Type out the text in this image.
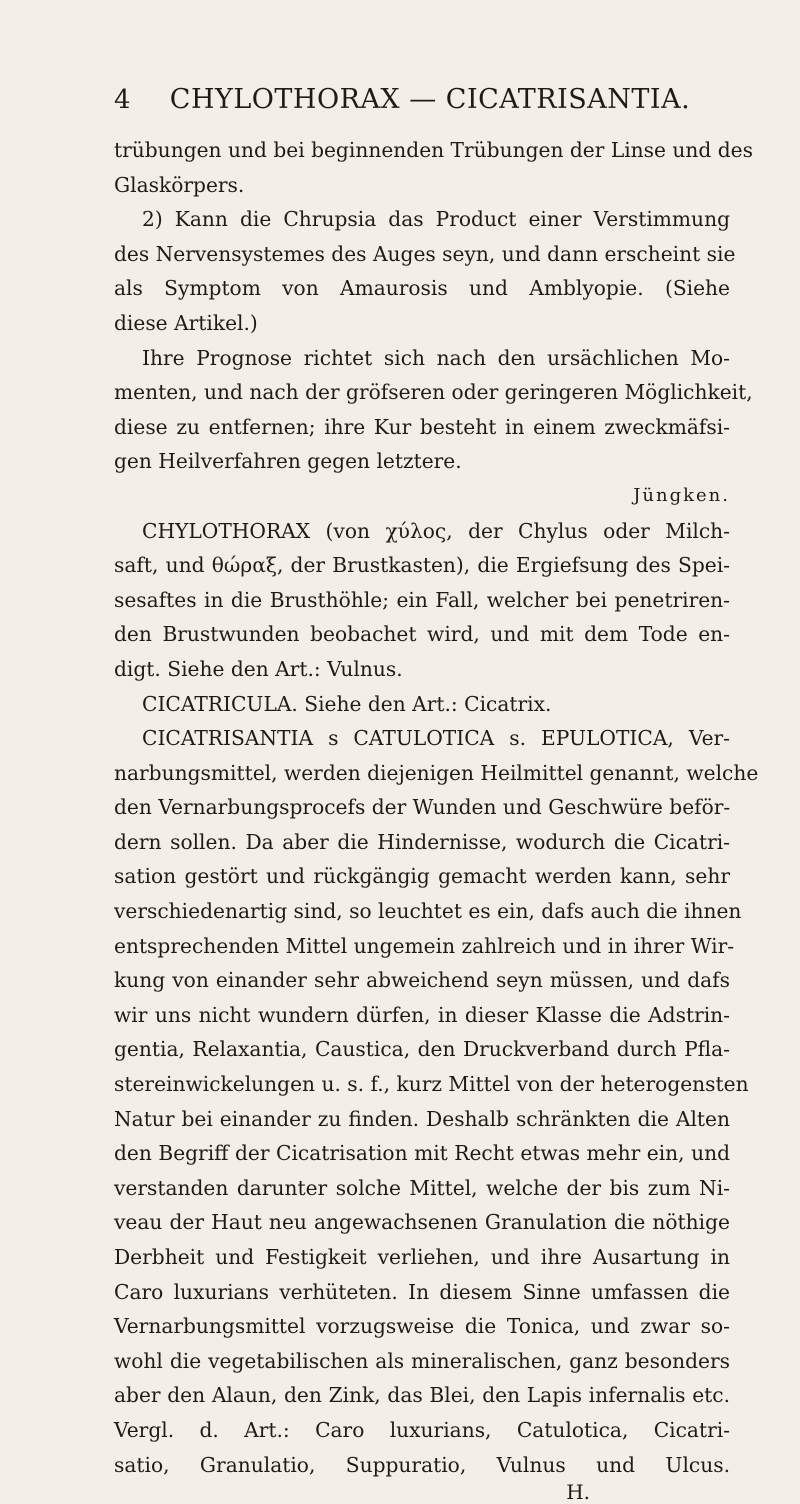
4	CHYLOTHORAX — CICATRISANTIA.
trübungen und bei beginnenden Trübungen der Linse und des
Glaskörpers.
2) Kann die Chrupsia das Product einer Verstimmung
des Nervensystemes des Auges seyn, und dann erscheint sie
als Symptom von Amaurosis und Amblyopie. (Siehe
diese Artikel.)
Ihre Prognose richtet sich nach den ursächlichen Mo-
menten, und nach der gröfseren oder geringeren Möglichkeit,
diese zu entfernen; ihre Kur besteht in einem zweckmäfsi-
gen Heilverfahren gegen letztere.
Jüngken.
CHYLOTHORAX (von χύλος, der Chylus oder Milch-
saft, und θώραξ, der Brustkasten), die Ergiefsung des Spei-
sesaftes in die Brusthöhle; ein Fall, welcher bei penetriren-
den Brustwunden beobachet wird, und mit dem Tode en-
digt. Siehe den Art.: Vulnus.
CICATRICULA. Siehe den Art.: Cicatrix.
CICATRISANTIA s CATULOTICA s. EPULOTICA, Ver-
narbungsmittel, werden diejenigen Heilmittel genannt, welche
den Vernarbungsprocefs der Wunden und Geschwüre beför-
dern sollen. Da aber die Hindernisse, wodurch die Cicatri-
sation gestört und rückgängig gemacht werden kann, sehr
verschiedenartig sind, so leuchtet es ein, dafs auch die ihnen
entsprechenden Mittel ungemein zahlreich und in ihrer Wir-
kung von einander sehr abweichend seyn müssen, und dafs
wir uns nicht wundern dürfen, in dieser Klasse die Adstrin-
gentia, Relaxantia, Caustica, den Druckverband durch Pfla-
stereinwickelungen u. s. f., kurz Mittel von der heterogensten
Natur bei einander zu finden. Deshalb schränkten die Alten
den Begriff der Cicatrisation mit Recht etwas mehr ein, und
verstanden darunter solche Mittel, welche der bis zum Ni-
veau der Haut neu angewachsenen Granulation die nöthige
Derbheit und Festigkeit verliehen, und ihre Ausartung in
Caro luxurians verhüteten. In diesem Sinne umfassen die
Vernarbungsmittel vorzugsweise die Tonica, und zwar so-
wohl die vegetabilischen als mineralischen, ganz besonders
aber den Alaun, den Zink, das Blei, den Lapis infernalis etc.
Vergl. d. Art.: Caro luxurians, Catulotica, Cicatri-
satio, Granulatio, Suppuratio, Vulnus und Ulcus.
H.
